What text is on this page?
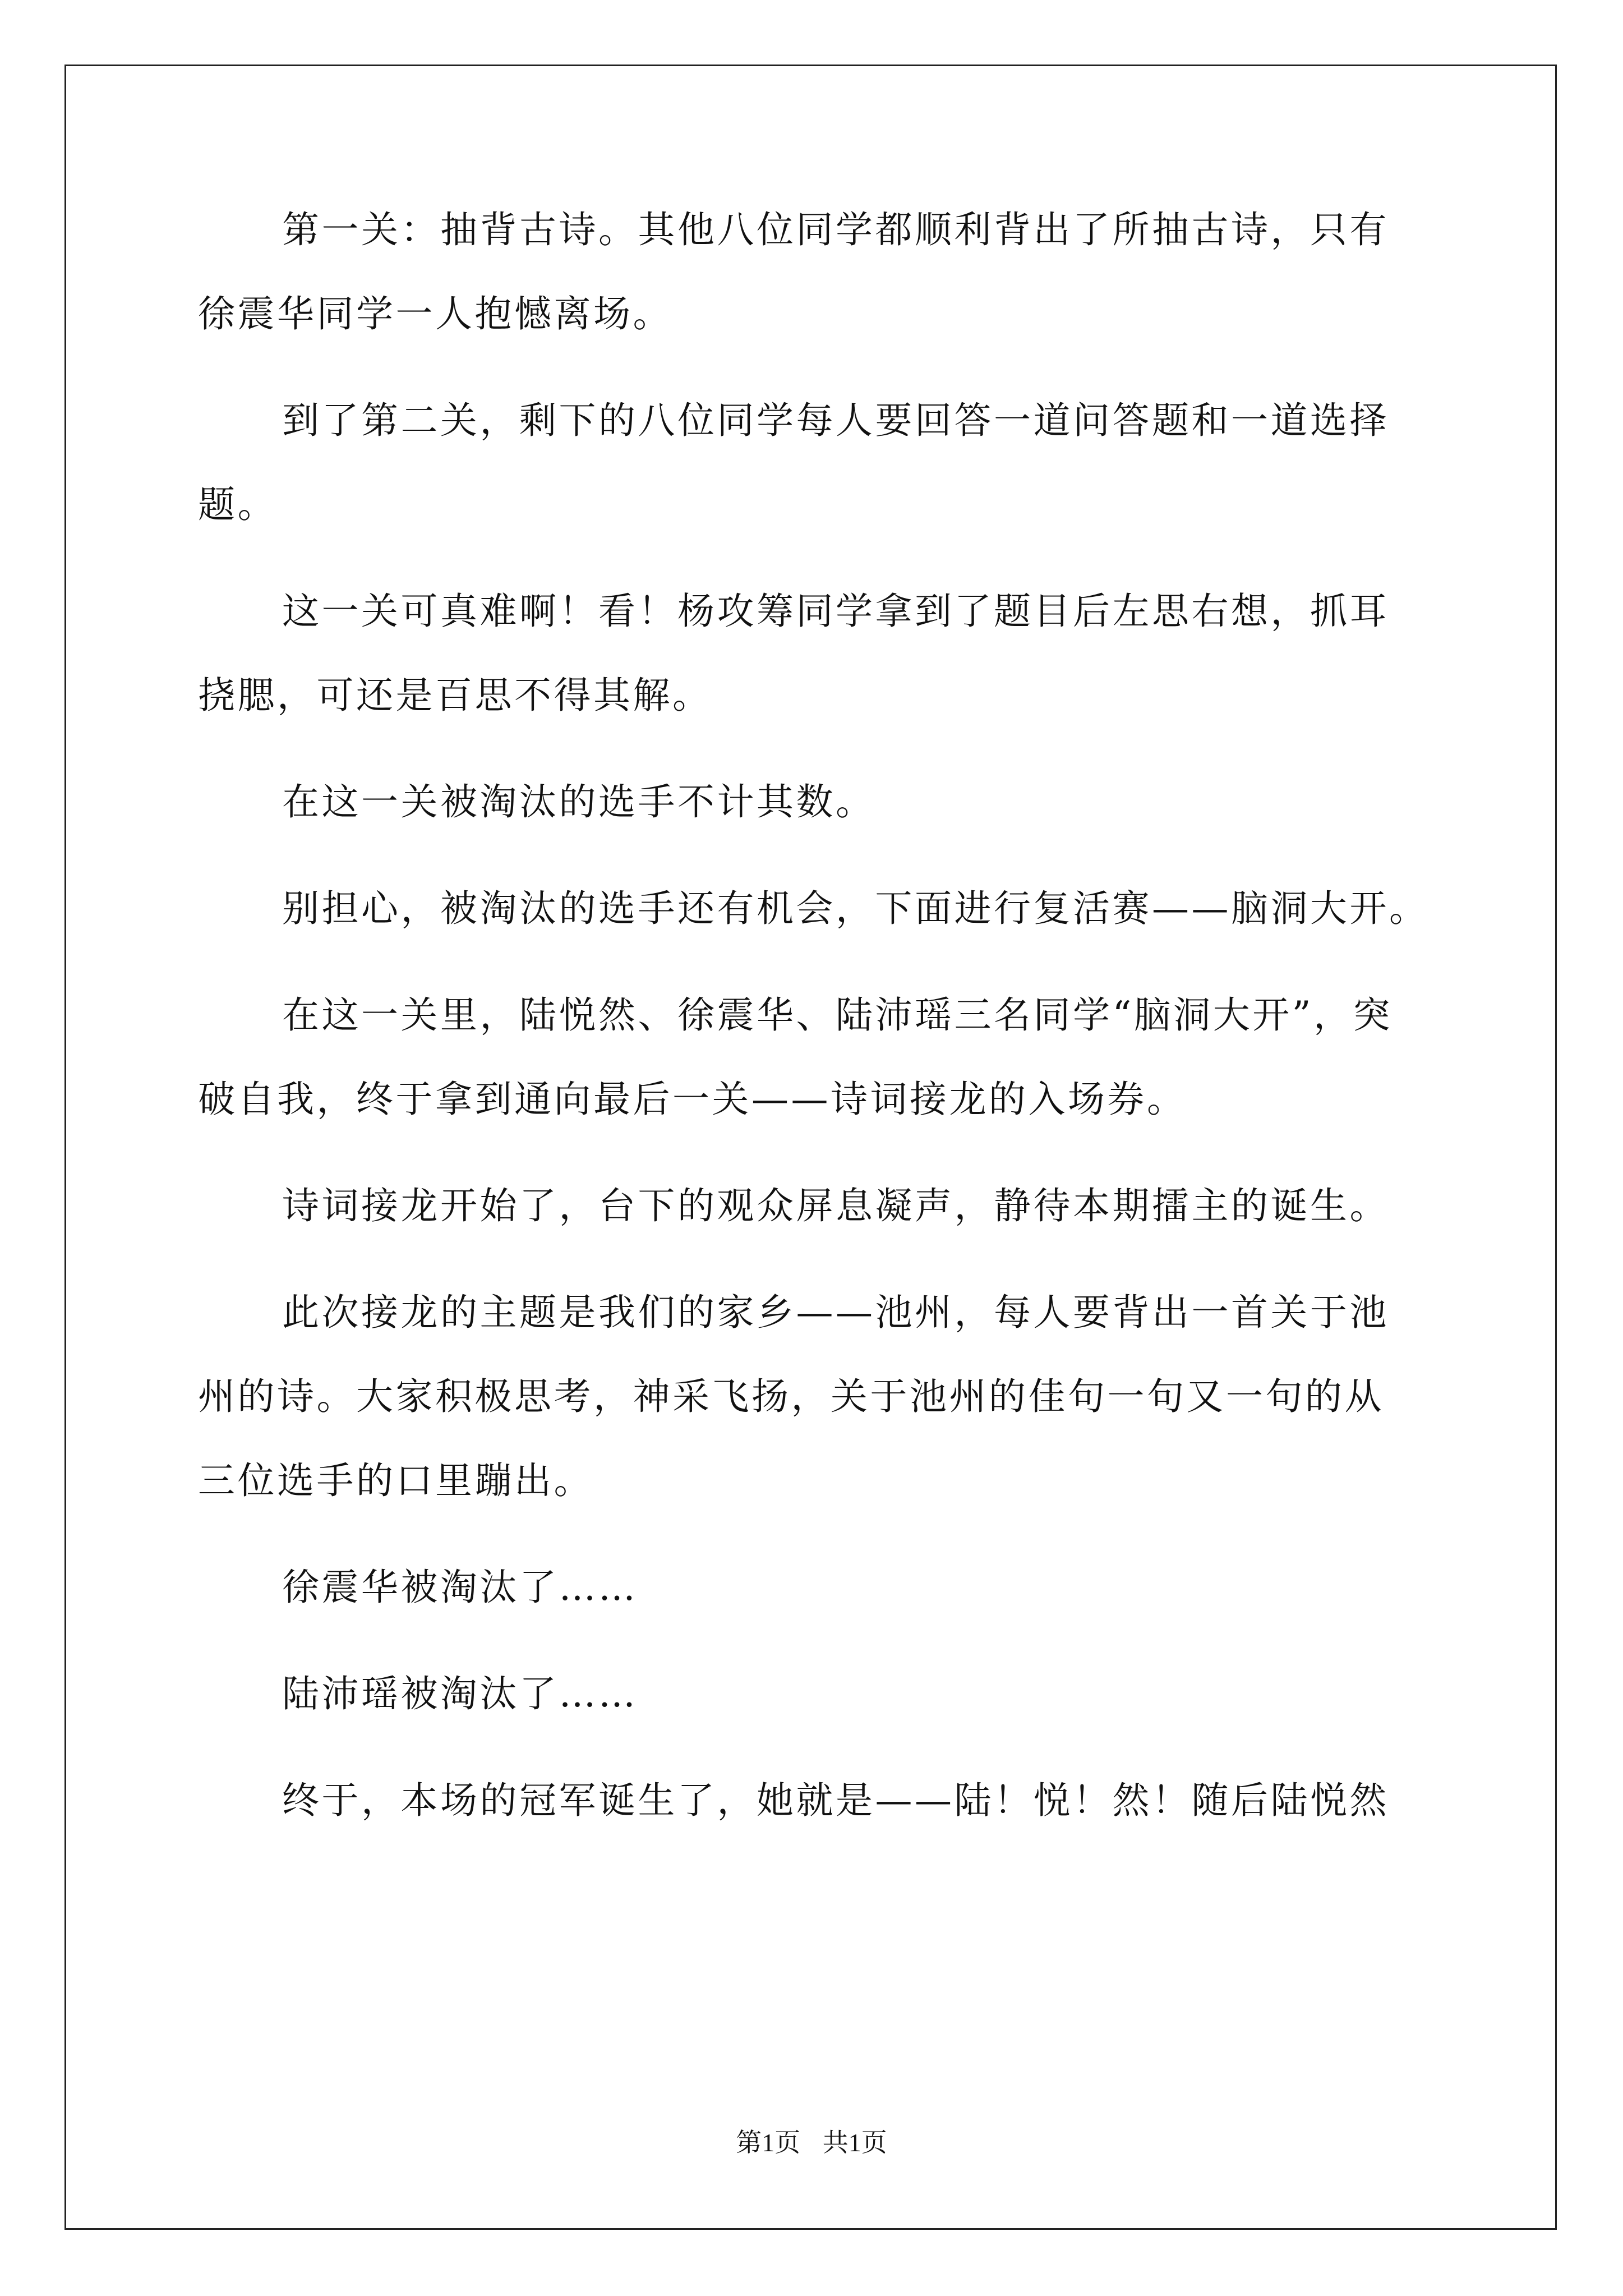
第一关：抽背古诗。其他八位同学都顺利背出了所抽古诗，只有
徐震华同学一人抱憾离场。
到了第二关，剩下的八位同学每人要回答一道问答题和一道选择
题。
这一关可真难啊！看！杨攻筹同学拿到了题目后左思右想，抓耳
挠腮，可还是百思不得其解。
在这一关被淘汰的选手不计其数。
别担心，被淘汰的选手还有机会，下面进行复活赛——脑洞大开。
在这一关里，陆悦然、徐震华、陆沛瑶三名同学“脑洞大开”，突
破自我，终于拿到通向最后一关——诗词接龙的入场券。
诗词接龙开始了，台下的观众屏息凝声，静待本期擂主的诞生。
此次接龙的主题是我们的家乡——池州，每人要背出一首关于池
州的诗。大家积极思考，神采飞扬，关于池州的佳句一句又一句的从
三位选手的口里蹦出。
徐震华被淘汰了……
陆沛瑶被淘汰了……
终于，本场的冠军诞生了，她就是——陆！悦！然！随后陆悦然
第1页 共1页
